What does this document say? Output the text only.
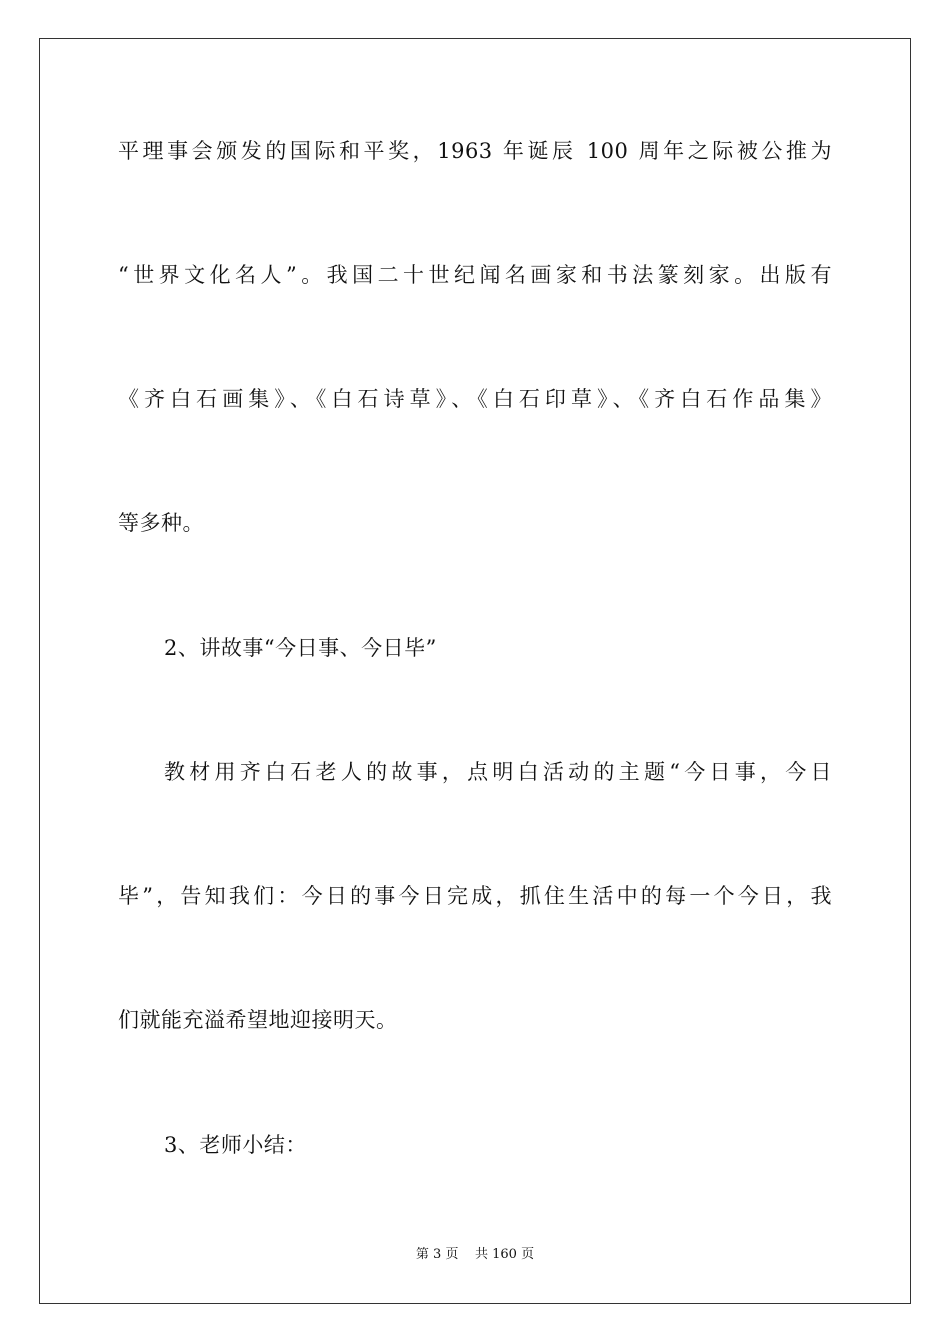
平理事会颁发的国际和平奖，1963 年诞辰 100 周年之际被公推为
“世界文化名人”。我国二十世纪闻名画家和书法篆刻家。出版有
《齐白石画集》、《白石诗草》、《白石印草》、《齐白石作品集》
等多种。
2、讲故事“今日事、今日毕”
教材用齐白石老人的故事，点明白活动的主题“今日事，今日
毕”，告知我们：今日的事今日完成，抓住生活中的每一个今日，我
们就能充溢希望地迎接明天。
3、老师小结：
第 3 页    共 160 页
